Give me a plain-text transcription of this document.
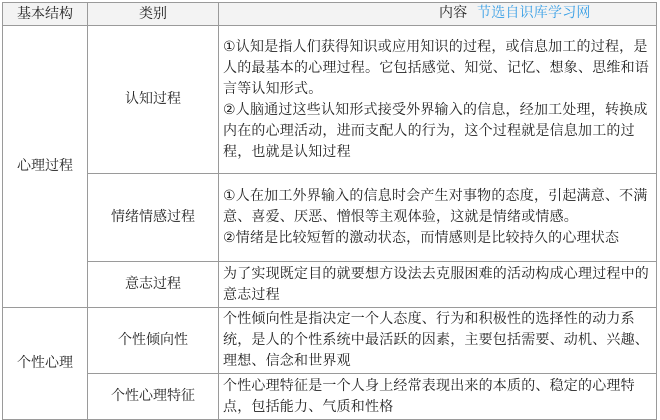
基本结构	类别	内容 节选自识库学习网

心理过程	认知过程	①认知是指人们获得知识或应用知识的过程，或信息加工的过程，是人的最基本的心理过程。它包括感觉、知觉、记忆、想象、思维和语言等认知形式。
②人脑通过这些认知形式接受外界输入的信息，经加工处理，转换成内在的心理活动，进而支配人的行为，这个过程就是信息加工的过程，也就是认知过程

	情绪情感过程	①人在加工外界输入的信息时会产生对事物的态度，引起满意、不满意、喜爱、厌恶、憎恨等主观体验，这就是情绪或情感。
②情绪是比较短暂的激动状态，而情感则是比较持久的心理状态

	意志过程	为了实现既定目的就要想方设法去克服困难的活动构成心理过程中的意志过程

个性心理	个性倾向性	个性倾向性是指决定一个人态度、行为和积极性的选择性的动力系统，是人的个性系统中最活跃的因素，主要包括需要、动机、兴趣、理想、信念和世界观

	个性心理特征	个性心理特征是一个人身上经常表现出来的本质的、稳定的心理特点，包括能力、气质和性格
